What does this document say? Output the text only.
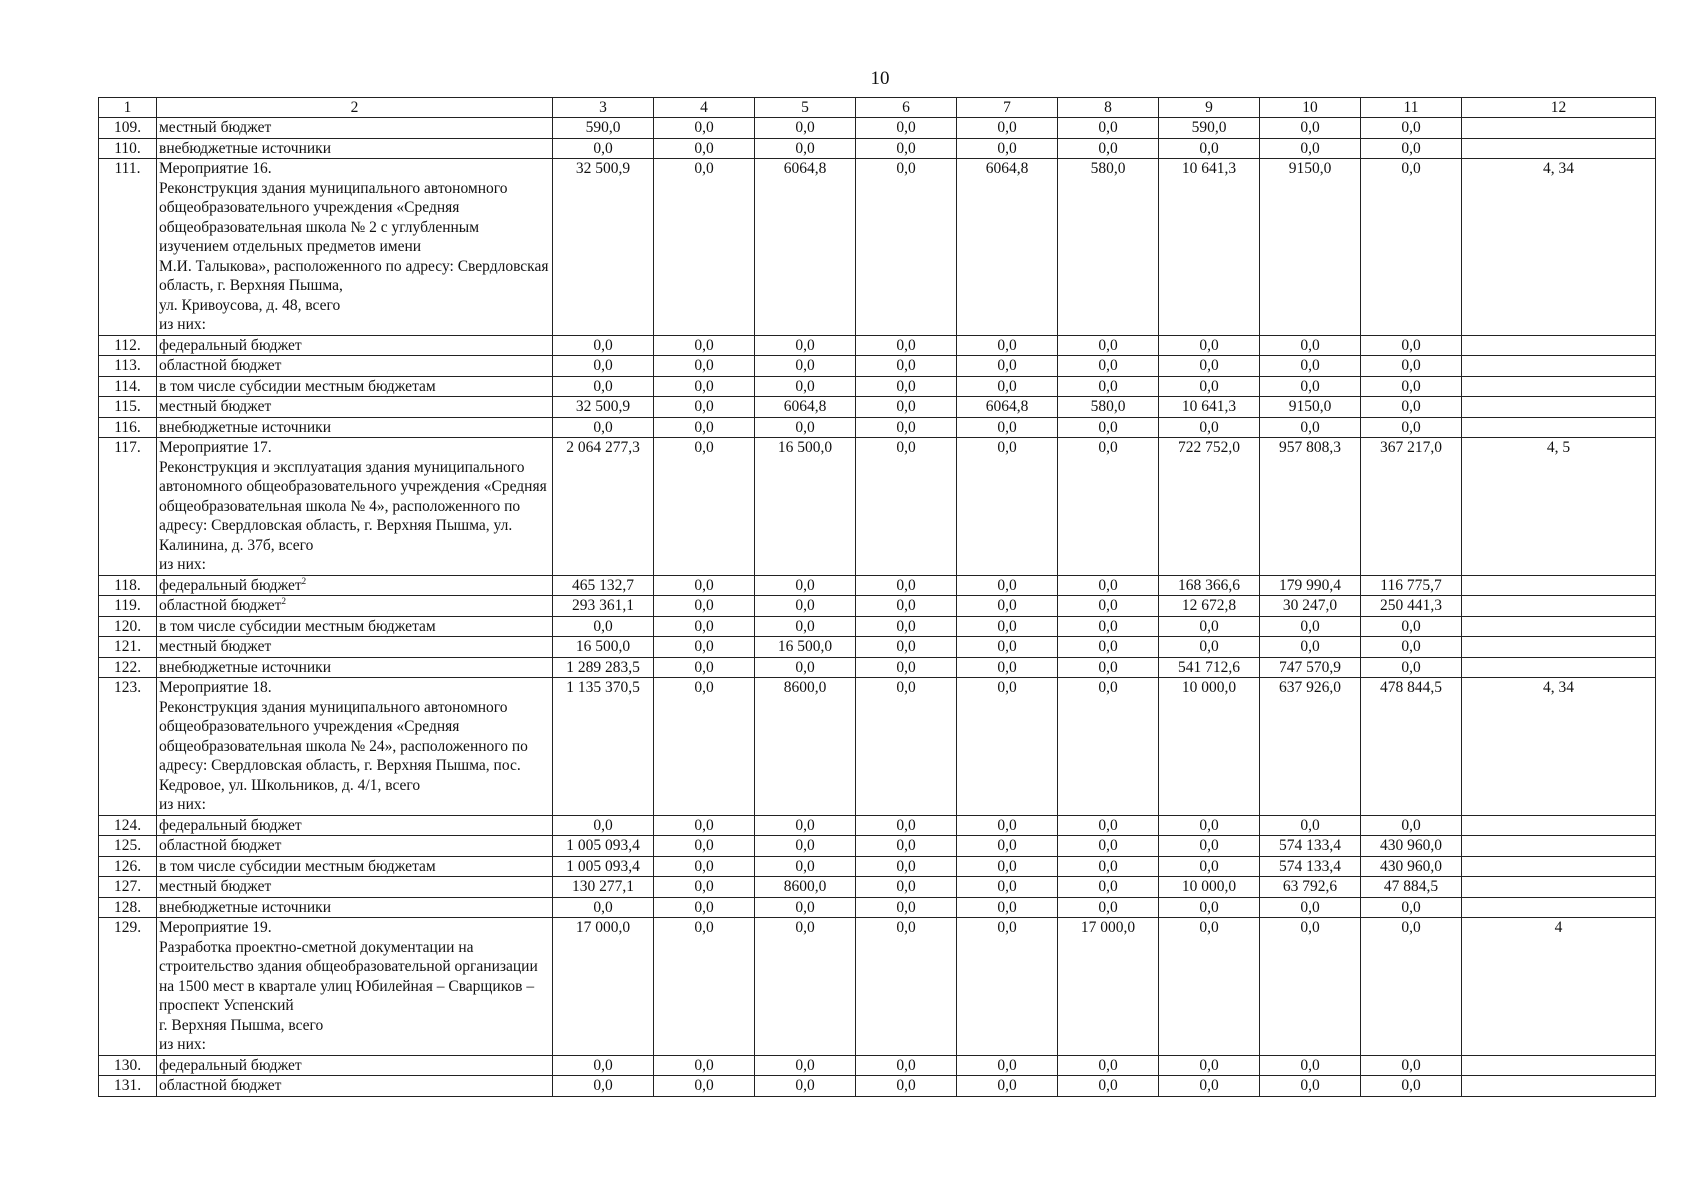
10
1	2	3	4	5	6	7	8	9	10	11	12
109.	местный бюджет	590,0	0,0	0,0	0,0	0,0	0,0	590,0	0,0	0,0	
110.	внебюджетные источники	0,0	0,0	0,0	0,0	0,0	0,0	0,0	0,0	0,0	
111.	Мероприятие 16.
Реконструкция здания муниципального автономного общеобразовательного учреждения «Средняя общеобразовательная школа № 2 с углубленным изучением отдельных предметов имени
М.И. Талыкова», расположенного по адресу: Свердловская область, г. Верхняя Пышма,
ул. Кривоусова, д. 48, всего
из них:	32 500,9	0,0	6064,8	0,0	6064,8	580,0	10 641,3	9150,0	0,0	4, 34
112.	федеральный бюджет	0,0	0,0	0,0	0,0	0,0	0,0	0,0	0,0	0,0	
113.	областной бюджет	0,0	0,0	0,0	0,0	0,0	0,0	0,0	0,0	0,0	
114.	в том числе субсидии местным бюджетам	0,0	0,0	0,0	0,0	0,0	0,0	0,0	0,0	0,0	
115.	местный бюджет	32 500,9	0,0	6064,8	0,0	6064,8	580,0	10 641,3	9150,0	0,0	
116.	внебюджетные источники	0,0	0,0	0,0	0,0	0,0	0,0	0,0	0,0	0,0	
117.	Мероприятие 17.
Реконструкция и эксплуатация здания муниципального автономного общеобразовательного учреждения «Средняя общеобразовательная школа № 4», расположенного по адресу: Свердловская область, г. Верхняя Пышма, ул. Калинина, д. 37б, всего
из них:	2 064 277,3	0,0	16 500,0	0,0	0,0	0,0	722 752,0	957 808,3	367 217,0	4, 5
118.	федеральный бюджет$^2$	465 132,7	0,0	0,0	0,0	0,0	0,0	168 366,6	179 990,4	116 775,7	
119.	областной бюджет$^2$	293 361,1	0,0	0,0	0,0	0,0	0,0	12 672,8	30 247,0	250 441,3	
120.	в том числе субсидии местным бюджетам	0,0	0,0	0,0	0,0	0,0	0,0	0,0	0,0	0,0	
121.	местный бюджет	16 500,0	0,0	16 500,0	0,0	0,0	0,0	0,0	0,0	0,0	
122.	внебюджетные источники	1 289 283,5	0,0	0,0	0,0	0,0	0,0	541 712,6	747 570,9	0,0	
123.	Мероприятие 18.
Реконструкция здания муниципального автономного общеобразовательного учреждения «Средняя общеобразовательная школа № 24», расположенного по адресу: Свердловская область, г. Верхняя Пышма, пос. Кедровое, ул. Школьников, д. 4/1, всего
из них:	1 135 370,5	0,0	8600,0	0,0	0,0	0,0	10 000,0	637 926,0	478 844,5	4, 34
124.	федеральный бюджет	0,0	0,0	0,0	0,0	0,0	0,0	0,0	0,0	0,0	
125.	областной бюджет	1 005 093,4	0,0	0,0	0,0	0,0	0,0	0,0	574 133,4	430 960,0	
126.	в том числе субсидии местным бюджетам	1 005 093,4	0,0	0,0	0,0	0,0	0,0	0,0	574 133,4	430 960,0	
127.	местный бюджет	130 277,1	0,0	8600,0	0,0	0,0	0,0	10 000,0	63 792,6	47 884,5	
128.	внебюджетные источники	0,0	0,0	0,0	0,0	0,0	0,0	0,0	0,0	0,0	
129.	Мероприятие 19.
Разработка проектно-сметной документации на строительство здания общеобразовательной организации на 1500 мест в квартале улиц Юбилейная – Сварщиков – проспект Успенский
г. Верхняя Пышма, всего
из них:	17 000,0	0,0	0,0	0,0	0,0	17 000,0	0,0	0,0	0,0	4
130.	федеральный бюджет	0,0	0,0	0,0	0,0	0,0	0,0	0,0	0,0	0,0	
131.	областной бюджет	0,0	0,0	0,0	0,0	0,0	0,0	0,0	0,0	0,0	
